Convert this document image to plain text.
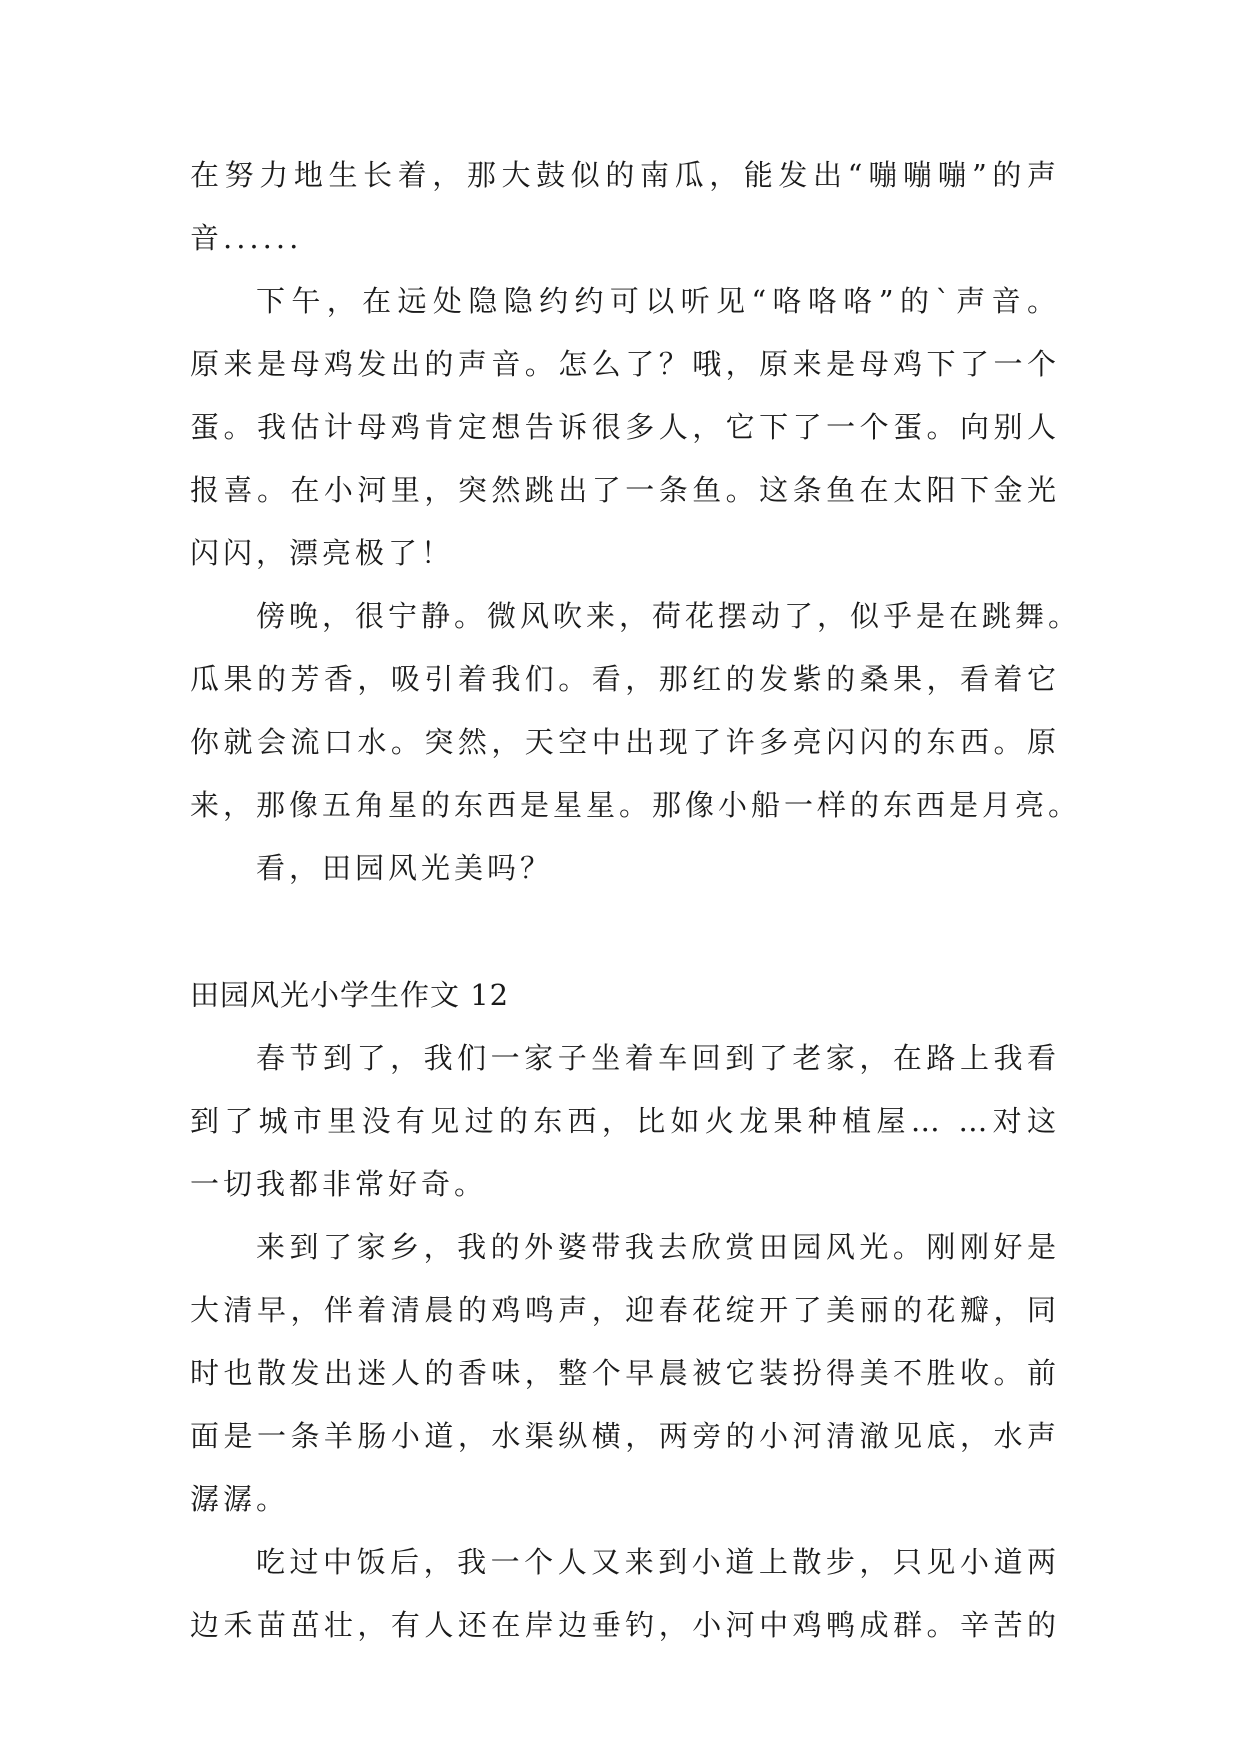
在努力地生长着，那大鼓似的南瓜，能发出“嘣嘣嘣”的声
音......
下午，在远处隐隐约约可以听见“咯咯咯”的`声音。
原来是母鸡发出的声音。怎么了？哦，原来是母鸡下了一个
蛋。我估计母鸡肯定想告诉很多人，它下了一个蛋。向别人
报喜。在小河里，突然跳出了一条鱼。这条鱼在太阳下金光
闪闪，漂亮极了！
傍晚，很宁静。微风吹来，荷花摆动了，似乎是在跳舞。
瓜果的芳香，吸引着我们。看，那红的发紫的桑果，看着它
你就会流口水。突然，天空中出现了许多亮闪闪的东西。原
来，那像五角星的东西是星星。那像小船一样的东西是月亮。
看，田园风光美吗？
田园风光小学生作文 12
春节到了，我们一家子坐着车回到了老家，在路上我看
到了城市里没有见过的东西，比如火龙果种植屋… …对这
一切我都非常好奇。
来到了家乡，我的外婆带我去欣赏田园风光。刚刚好是
大清早，伴着清晨的鸡鸣声，迎春花绽开了美丽的花瓣，同
时也散发出迷人的香味，整个早晨被它装扮得美不胜收。前
面是一条羊肠小道，水渠纵横，两旁的小河清澈见底，水声
潺潺。
吃过中饭后，我一个人又来到小道上散步，只见小道两
边禾苗茁壮，有人还在岸边垂钓，小河中鸡鸭成群。辛苦的
